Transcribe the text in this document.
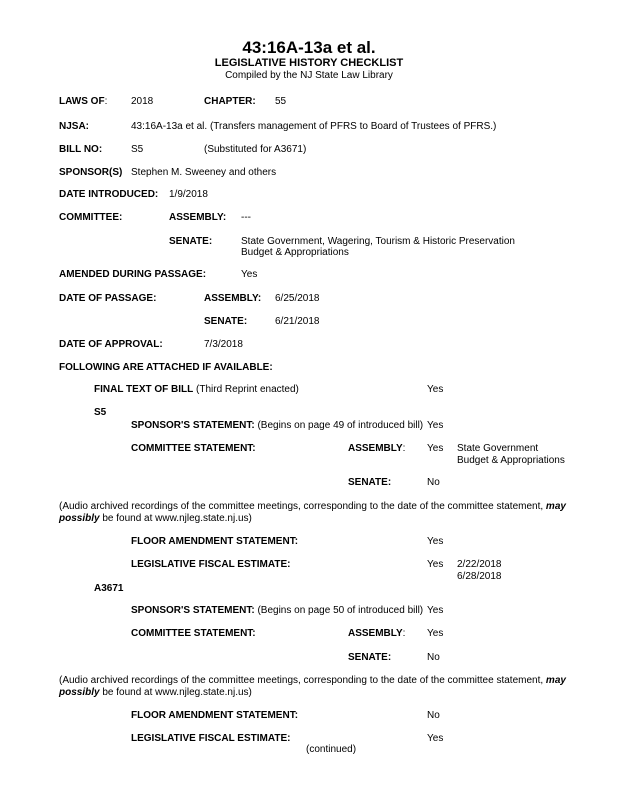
43:16A-13a et al.
LEGISLATIVE HISTORY CHECKLIST
Compiled by the NJ State Law Library
LAWS OF: 2018	CHAPTER: 55
NJSA:	43:16A-13a et al. (Transfers management of PFRS to Board of Trustees of PFRS.)
BILL NO:	S5	(Substituted for A3671)
SPONSOR(S) Stephen M. Sweeney and others
DATE INTRODUCED: 1/9/2018
COMMITTEE:	ASSEMBLY: ---
SENATE:	State Government, Wagering, Tourism & Historic Preservation
Budget & Appropriations
AMENDED DURING PASSAGE:	Yes
DATE OF PASSAGE:	ASSEMBLY: 6/25/2018
SENATE:	6/21/2018
DATE OF APPROVAL:	7/3/2018
FOLLOWING ARE ATTACHED IF AVAILABLE:
FINAL TEXT OF BILL (Third Reprint enacted)	Yes
S5
SPONSOR'S STATEMENT: (Begins on page 49 of introduced bill) Yes
COMMITTEE STATEMENT:	ASSEMBLY: Yes State Government
Budget & Appropriations
SENATE:	No
(Audio archived recordings of the committee meetings, corresponding to the date of the committee statement, may possibly be found at www.njleg.state.nj.us)
FLOOR AMENDMENT STATEMENT:	Yes
LEGISLATIVE FISCAL ESTIMATE:	Yes 2/22/2018
6/28/2018
A3671
SPONSOR'S STATEMENT: (Begins on page 50 of introduced bill) Yes
COMMITTEE STATEMENT:	ASSEMBLY: Yes
SENATE:	No
(Audio archived recordings of the committee meetings, corresponding to the date of the committee statement, may possibly be found at www.njleg.state.nj.us)
FLOOR AMENDMENT STATEMENT:	No
LEGISLATIVE FISCAL ESTIMATE:	Yes
(continued)
